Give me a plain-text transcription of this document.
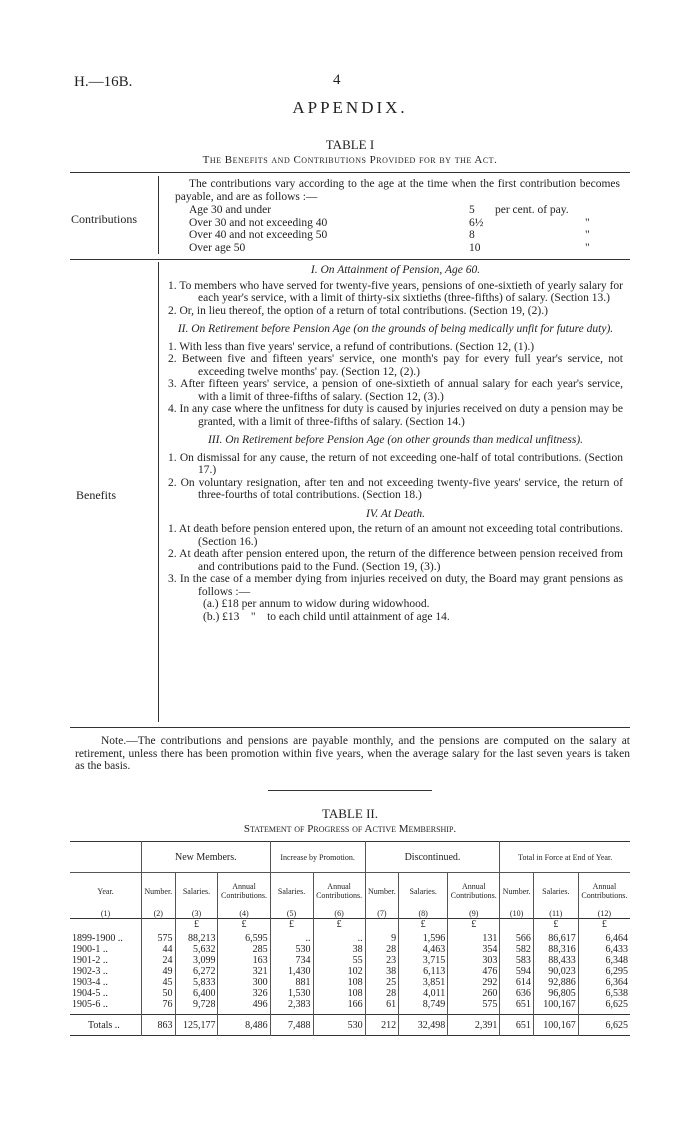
H.—16B.	4
APPENDIX.
TABLE I
The Benefits and Contributions Provided for by the Act.
Contributions
The contributions vary according to the age at the time when the first contribution becomes payable, and are as follows :—
Age 30 and under	5	per cent. of pay.
Over 30 and not exceeding 40	6½	"
Over 40 and not exceeding 50	8	"
Over age 50	10	"
Benefits
I. On Attainment of Pension, Age 60.
1. To members who have served for twenty-five years, pensions of one-sixtieth of yearly salary for each year's service, with a limit of thirty-six sixtieths (three-fifths) of salary. (Section 13.)
2. Or, in lieu thereof, the option of a return of total contributions. (Section 19, (2).)
II. On Retirement before Pension Age (on the grounds of being medically unfit for future duty).
1. With less than five years' service, a refund of contributions. (Section 12, (1).)
2. Between five and fifteen years' service, one month's pay for every full year's service, not exceeding twelve months' pay. (Section 12, (2).)
3. After fifteen years' service, a pension of one-sixtieth of annual salary for each year's service, with a limit of three-fifths of salary. (Section 12, (3).)
4. In any case where the unfitness for duty is caused by injuries received on duty a pension may be granted, with a limit of three-fifths of salary. (Section 14.)
III. On Retirement before Pension Age (on other grounds than medical unfitness).
1. On dismissal for any cause, the return of not exceeding one-half of total contributions. (Section 17.)
2. On voluntary resignation, after ten and not exceeding twenty-five years' service, the return of three-fourths of total contributions. (Section 18.)
IV. At Death.
1. At death before pension entered upon, the return of an amount not exceeding total contributions. (Section 16.)
2. At death after pension entered upon, the return of the difference between pension received from and contributions paid to the Fund. (Section 19, (3).)
3. In the case of a member dying from injuries received on duty, the Board may grant pensions as follows :—
(a.) £18 per annum to widow during widowhood.
(b.) £13    "    to each child until attainment of age 14.
Note.—The contributions and pensions are payable monthly, and the pensions are computed on the salary at retirement, unless there has been promotion within five years, when the average salary for the last seven years is taken as the basis.
TABLE II.
Statement of Progress of Active Membership.
	New Members.			Increase by Promotion.		Discontinued.			Total in Force at End of Year.		
Year.	Number.	Salaries.	Annual Contributions.	Salaries.	Annual Contributions.	Number.	Salaries.	Annual Contributions.	Number.	Salaries.	Annual Contributions.
(1)	(2)	(3)	(4)	(5)	(6)	(7)	(8)	(9)	(10)	(11)	(12)
		£	£	£	£		£	£		£	£
1899-1900 ..	575	88,213	6,595	..	..	9	1,596	131	566	86,617	6,464
1900-1 ..	44	5,632	285	530	38	28	4,463	354	582	88,316	6,433
1901-2 ..	24	3,099	163	734	55	23	3,715	303	583	88,433	6,348
1902-3 ..	49	6,272	321	1,430	102	38	6,113	476	594	90,023	6,295
1903-4 ..	45	5,833	300	881	108	25	3,851	292	614	92,886	6,364
1904-5 ..	50	6,400	326	1,530	108	28	4,011	260	636	96,805	6,538
1905-6 ..	76	9,728	496	2,383	166	61	8,749	575	651	100,167	6,625
Totals ..	863	125,177	8,486	7,488	530	212	32,498	2,391	651	100,167	6,625
